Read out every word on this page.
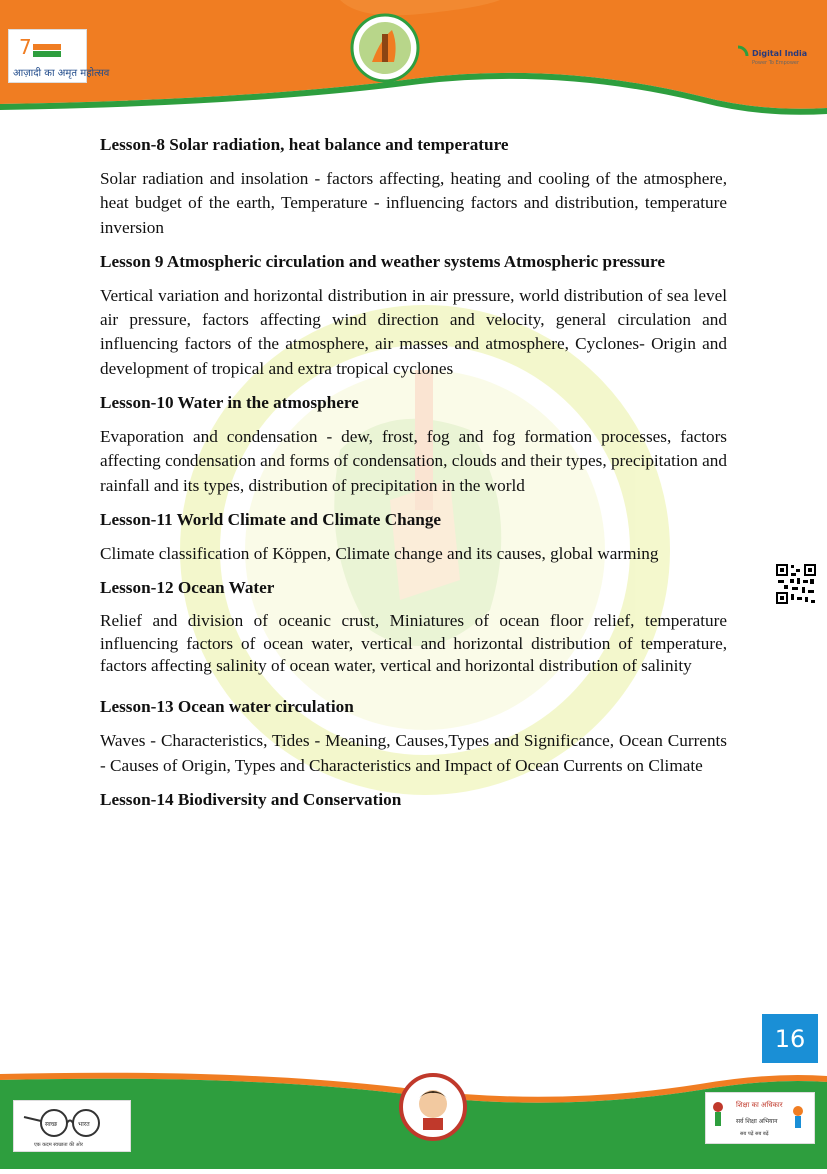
7
आज़ादी का अमृत महोत्सव
Digital India
Power To Empower

Lesson-8 Solar radiation, heat balance and temperature

Solar radiation and insolation - factors affecting, heating and cooling of the atmosphere, heat budget of the earth, Temperature - influencing factors and distribution, temperature inversion

Lesson 9 Atmospheric circulation and weather systems Atmospheric pressure

Vertical variation and horizontal distribution in air pressure, world distribution of sea level air pressure, factors affecting wind direction and velocity, general circulation and influencing factors of the atmosphere, air masses and atmosphere, Cyclones- Origin and development of tropical and extra tropical cyclones

Lesson-10 Water in the atmosphere

Evaporation and condensation - dew, frost, fog and fog formation processes, factors affecting condensation and forms of condensation, clouds and their types, precipitation and rainfall and its types, distribution of precipitation in the world

Lesson-11 World Climate and Climate Change

Climate classification of Köppen, Climate change and its causes, global warming

Lesson-12 Ocean Water

Relief and division of oceanic crust, Miniatures of ocean floor relief, temperature influencing factors of ocean water, vertical and horizontal distribution of temperature, factors affecting salinity of ocean water, vertical and horizontal distribution of salinity

Lesson-13 Ocean water circulation

Waves - Characteristics, Tides - Meaning, Causes,Types and Significance, Ocean Currents - Causes of Origin, Types and Characteristics and Impact of Ocean Currents on Climate

Lesson-14 Biodiversity and Conservation

16
स्वच्छ	भारत
एक कदम स्वच्छता की ओर
शिक्षा का अधिकार
सर्व शिक्षा अभियान
सब पढ़ें सब बढ़ें
